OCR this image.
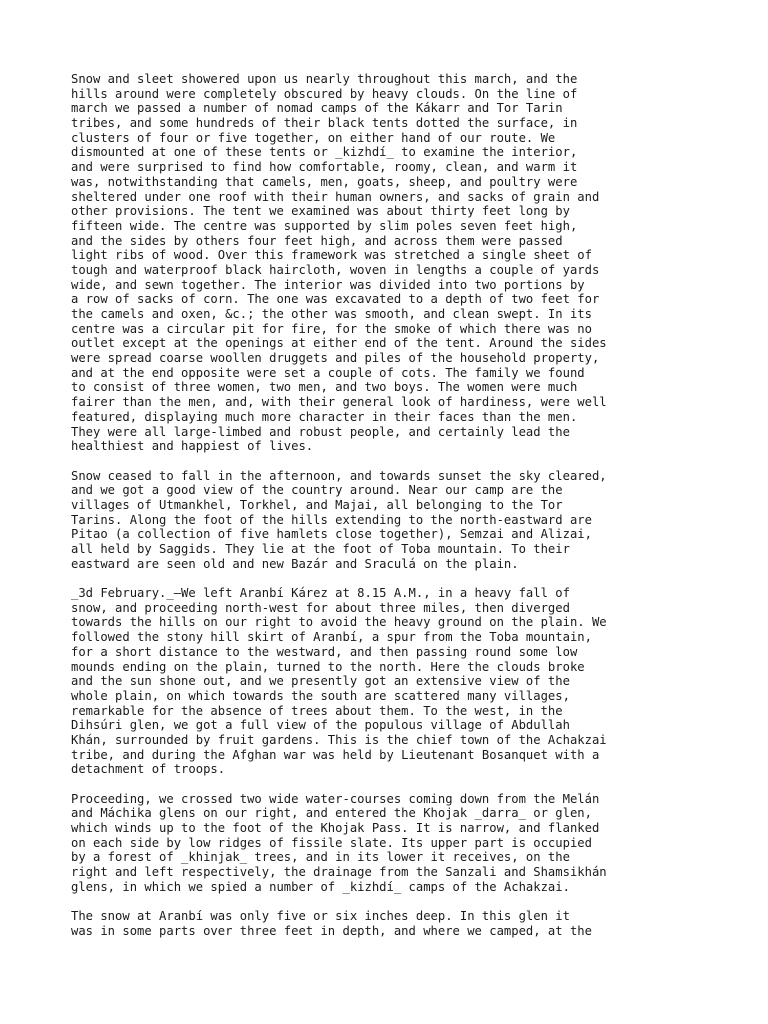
Snow and sleet showered upon us nearly throughout this march, and the
hills around were completely obscured by heavy clouds. On the line of
march we passed a number of nomad camps of the Kákarr and Tor Tarin
tribes, and some hundreds of their black tents dotted the surface, in
clusters of four or five together, on either hand of our route. We
dismounted at one of these tents or _kizhdí_ to examine the interior,
and were surprised to find how comfortable, roomy, clean, and warm it
was, notwithstanding that camels, men, goats, sheep, and poultry were
sheltered under one roof with their human owners, and sacks of grain and
other provisions. The tent we examined was about thirty feet long by
fifteen wide. The centre was supported by slim poles seven feet high,
and the sides by others four feet high, and across them were passed
light ribs of wood. Over this framework was stretched a single sheet of
tough and waterproof black haircloth, woven in lengths a couple of yards
wide, and sewn together. The interior was divided into two portions by
a row of sacks of corn. The one was excavated to a depth of two feet for
the camels and oxen, &c.; the other was smooth, and clean swept. In its
centre was a circular pit for fire, for the smoke of which there was no
outlet except at the openings at either end of the tent. Around the sides
were spread coarse woollen druggets and piles of the household property,
and at the end opposite were set a couple of cots. The family we found
to consist of three women, two men, and two boys. The women were much
fairer than the men, and, with their general look of hardiness, were well
featured, displaying much more character in their faces than the men.
They were all large-limbed and robust people, and certainly lead the
healthiest and happiest of lives.
Snow ceased to fall in the afternoon, and towards sunset the sky cleared,
and we got a good view of the country around. Near our camp are the
villages of Utmankhel, Torkhel, and Majai, all belonging to the Tor
Tarins. Along the foot of the hills extending to the north-eastward are
Pitao (a collection of five hamlets close together), Semzai and Alizai,
all held by Saggids. They lie at the foot of Toba mountain. To their
eastward are seen old and new Bazár and Sraculá on the plain.
_3d February._—We left Aranbí Kárez at 8.15 A.M., in a heavy fall of
snow, and proceeding north-west for about three miles, then diverged
towards the hills on our right to avoid the heavy ground on the plain. We
followed the stony hill skirt of Aranbí, a spur from the Toba mountain,
for a short distance to the westward, and then passing round some low
mounds ending on the plain, turned to the north. Here the clouds broke
and the sun shone out, and we presently got an extensive view of the
whole plain, on which towards the south are scattered many villages,
remarkable for the absence of trees about them. To the west, in the
Dihsúri glen, we got a full view of the populous village of Abdullah
Khán, surrounded by fruit gardens. This is the chief town of the Achakzai
tribe, and during the Afghan war was held by Lieutenant Bosanquet with a
detachment of troops.
Proceeding, we crossed two wide water-courses coming down from the Melán
and Máchika glens on our right, and entered the Khojak _darra_ or glen,
which winds up to the foot of the Khojak Pass. It is narrow, and flanked
on each side by low ridges of fissile slate. Its upper part is occupied
by a forest of _khinjak_ trees, and in its lower it receives, on the
right and left respectively, the drainage from the Sanzali and Shamsikhán
glens, in which we spied a number of _kizhdí_ camps of the Achakzai.
The snow at Aranbí was only five or six inches deep. In this glen it
was in some parts over three feet in depth, and where we camped, at the
